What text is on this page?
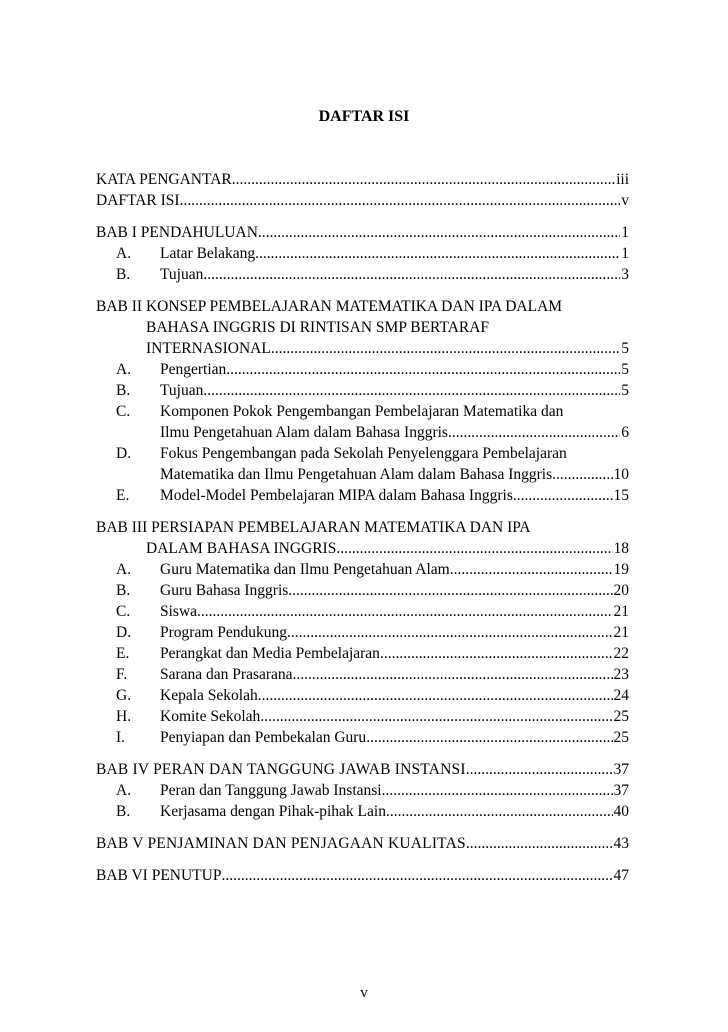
DAFTAR ISI
KATA PENGANTAR .....	iii
DAFTAR ISI .....	v
BAB I PENDAHULUAN .....	1
A.	Latar Belakang .....	1
B.	Tujuan .....	3
BAB II KONSEP PEMBELAJARAN MATEMATIKA DAN IPA DALAM
BAHASA INGGRIS DI RINTISAN SMP BERTARAF
INTERNASIONAL .....	5
A.	Pengertian .....	5
B.	Tujuan .....	5
C.	Komponen Pokok Pengembangan Pembelajaran Matematika dan
Ilmu Pengetahuan Alam dalam Bahasa Inggris .....	6
D.	Fokus Pengembangan pada Sekolah Penyelenggara Pembelajaran
Matematika dan Ilmu Pengetahuan Alam dalam Bahasa Inggris .....	10
E.	Model-Model Pembelajaran MIPA dalam Bahasa Inggris .....	15
BAB III PERSIAPAN PEMBELAJARAN MATEMATIKA DAN IPA
DALAM BAHASA INGGRIS .....	18
A.	Guru Matematika dan Ilmu Pengetahuan Alam .....	19
B.	Guru Bahasa Inggris .....	20
C.	Siswa .....	21
D.	Program Pendukung .....	21
E.	Perangkat dan Media Pembelajaran .....	22
F.	Sarana dan Prasarana .....	23
G.	Kepala Sekolah .....	24
H.	Komite Sekolah .....	25
I.	Penyiapan dan Pembekalan Guru .....	25
BAB IV PERAN DAN TANGGUNG JAWAB INSTANSI .....	37
A.	Peran dan Tanggung Jawab Instansi .....	37
B.	Kerjasama dengan Pihak-pihak Lain .....	40
BAB V PENJAMINAN DAN PENJAGAAN KUALITAS .....	43
BAB VI PENUTUP .....	47
v
